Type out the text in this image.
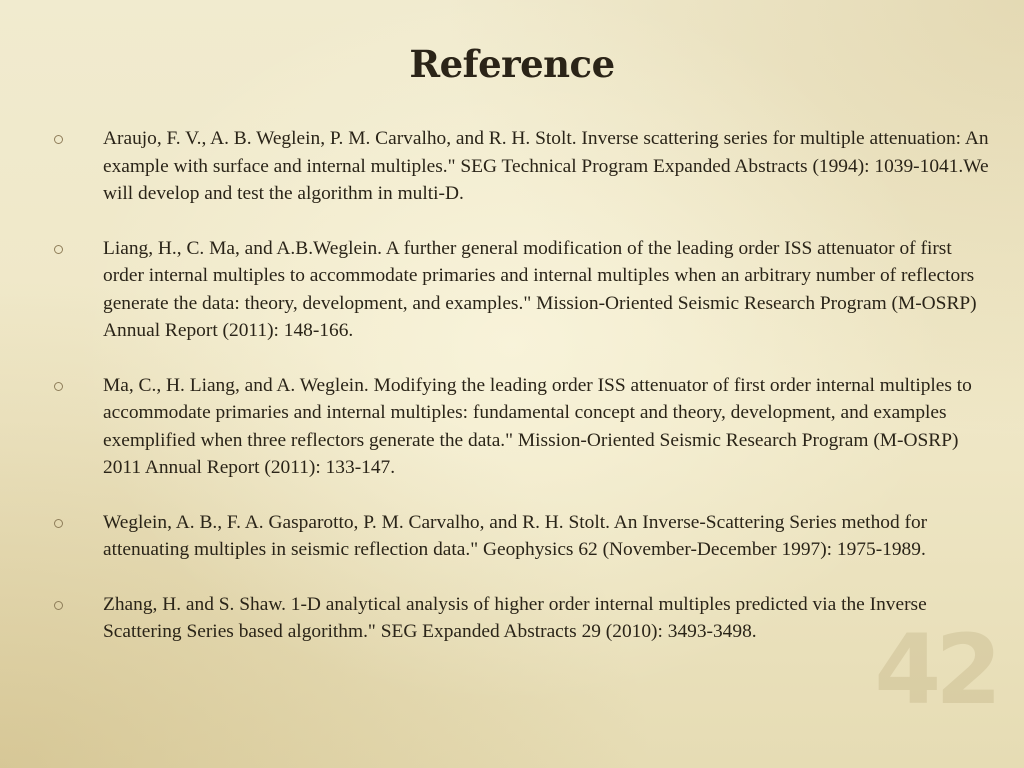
42
Reference
Araujo, F. V., A. B. Weglein, P. M. Carvalho, and R. H. Stolt. Inverse scattering series for multiple attenuation: An example with surface and internal multiples." SEG Technical Program Expanded Abstracts (1994): 1039-1041.We will develop and test the algorithm in multi-D.
Liang, H., C. Ma, and A.B.Weglein. A further general modification of the leading order ISS attenuator of first order internal multiples to accommodate primaries and internal multiples when an arbitrary number of reflectors generate the data: theory, development, and examples." Mission-Oriented Seismic Research Program (M-OSRP) Annual Report (2011): 148-166.
Ma, C., H. Liang, and A. Weglein. Modifying the leading order ISS attenuator of first order internal multiples to accommodate primaries and internal multiples: fundamental concept and theory, development, and examples exemplified when three reflectors generate the data." Mission-Oriented Seismic Research Program (M-OSRP) 2011 Annual Report (2011): 133-147.
Weglein, A. B., F. A. Gasparotto, P. M. Carvalho, and R. H. Stolt. An Inverse-Scattering Series method for attenuating multiples in seismic reflection data." Geophysics 62 (November-December 1997): 1975-1989.
Zhang, H. and S. Shaw. 1-D analytical analysis of higher order internal multiples predicted via the Inverse Scattering Series based algorithm." SEG Expanded Abstracts 29 (2010): 3493-3498.
